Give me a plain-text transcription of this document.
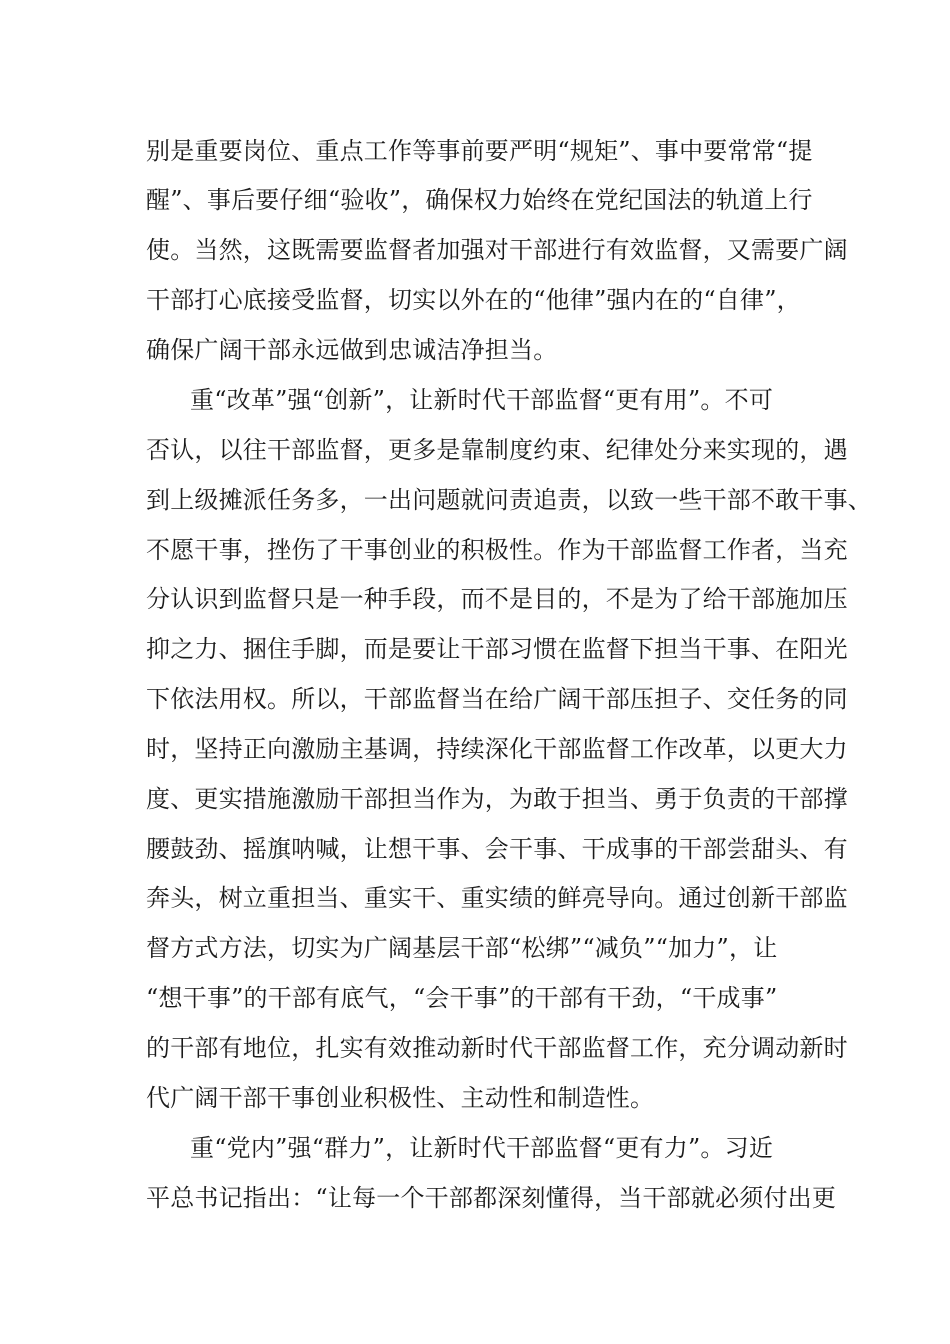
别是重要岗位、重点工作等事前要严明“规矩”、事中要常常“提
醒”、事后要仔细“验收”，确保权力始终在党纪国法的轨道上行
使。当然，这既需要监督者加强对干部进行有效监督，又需要广阔
干部打心底接受监督，切实以外在的“他律”强内在的“自律”，
确保广阔干部永远做到忠诚洁净担当。
重“改革”强“创新”，让新时代干部监督“更有用”。不可
否认，以往干部监督，更多是靠制度约束、纪律处分来实现的，遇
到上级摊派任务多，一出问题就问责追责，以致一些干部不敢干事、
不愿干事，挫伤了干事创业的积极性。作为干部监督工作者，当充
分认识到监督只是一种手段，而不是目的，不是为了给干部施加压
抑之力、捆住手脚，而是要让干部习惯在监督下担当干事、在阳光
下依法用权。所以，干部监督当在给广阔干部压担子、交任务的同
时，坚持正向激励主基调，持续深化干部监督工作改革，以更大力
度、更实措施激励干部担当作为，为敢于担当、勇于负责的干部撑
腰鼓劲、摇旗呐喊，让想干事、会干事、干成事的干部尝甜头、有
奔头，树立重担当、重实干、重实绩的鲜亮导向。通过创新干部监
督方式方法，切实为广阔基层干部“松绑”“减负”“加力”，让
“想干事”的干部有底气，“会干事”的干部有干劲，“干成事”
的干部有地位，扎实有效推动新时代干部监督工作，充分调动新时
代广阔干部干事创业积极性、主动性和制造性。
重“党内”强“群力”，让新时代干部监督“更有力”。习近
平总书记指出：“让每一个干部都深刻懂得，当干部就必须付出更
